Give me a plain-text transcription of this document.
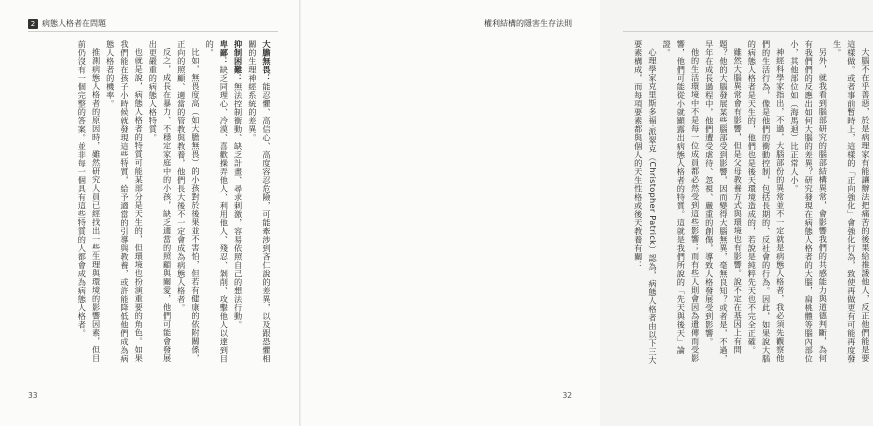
2 病態人格者在問題

大膽無畏：能忍懼、高信心、高度容忍危險，可能牽涉到吝仁說的差異，以及跟恐懼相關的生理神經系統的差異。

抑制困難：無法控制衝動、缺乏計畫、尋求刺激，容易依照自己的想法行動。

卑鄙：缺乏同理心、冷漠、喜歡操弄他人、利用他人、殘忍、剝削、攻擊他人以達到目的。

比如，無畏度高（如大膽無畏）的小孩對於後果並不害怕，但若有健康的依附關係，正向的照顧、適當的管教與教養，他們長大後不一定會成為病態人格者。

反之，成長在暴力、不穩定家庭中的小孩，缺乏適當的照顧與關愛，他們可能會發展出更嚴重的病態人格特質。

也就是說，病態人格者的特質可能某部分是天生的，但環境也扮演重要的角色。如果我們能在孩子小時候就發現這些特質，給予適當的引導與教養，或許能降低他們成為病態人格者的機率。

推測病態人格者的原因時，雖然研究人員已經找出一些生理與環境的影響因素，但目前仍沒有一個完整的答案。並非每一個具有這些特質的人都會成為病態人格者。

33
權利結構的隱害生存法則

大腦不在乎善惡，於是病理家有能讓辦法把痛苦的後果給推諉他人，反正他們能是要這樣做。或者事前暫時上，這樣的「正向強化」會強化行為，致使再做更有可能再度發生。

另外，就我看到腦部研究的腦部結構異常，會影響我們的共感能力與道德判斷，為何有我們們的反應出如何大腦的差異？研究發現在病態人格者的大腦，扁桃體等腦內部位小，其他部位如（海馬迴）比正常人小。

神經科學家指出，不過，大腦部份的異常並不一定就是病態人格者，我必須先觀察他們的生活行為，像是他們的衝動控制，包括長期的、反社會的行為。因此，如果說大腦的病態人格者是天生的，他們也是後天環境造成的，若說是純粹先天也不完全正確。

雖然大腦異常會有影響，但是父母教養方式與環境也有影響。說不定在基因上有問題？他的大腦發展某些腦部受到影響，因而變得大腦無異，毫無良知？或者是，不過，早年在成長過程中，他們遭受虐待、忽視、嚴重的創傷，導致人格發展受到影響。

他的生活環境中不是每一位成員都必然受到這些影響；而有些人則會因為遺傳而受影響，他們可能從小就顯露出病態人格者的特質。這就是我們所說的「先天與後天」論證。

心理學家克里斯多福·派翠克（Christopher Patrick）認為，病態人格者由以下三大要素構成，而每項要素都與個人的天生性格或後天教養有關：

32
